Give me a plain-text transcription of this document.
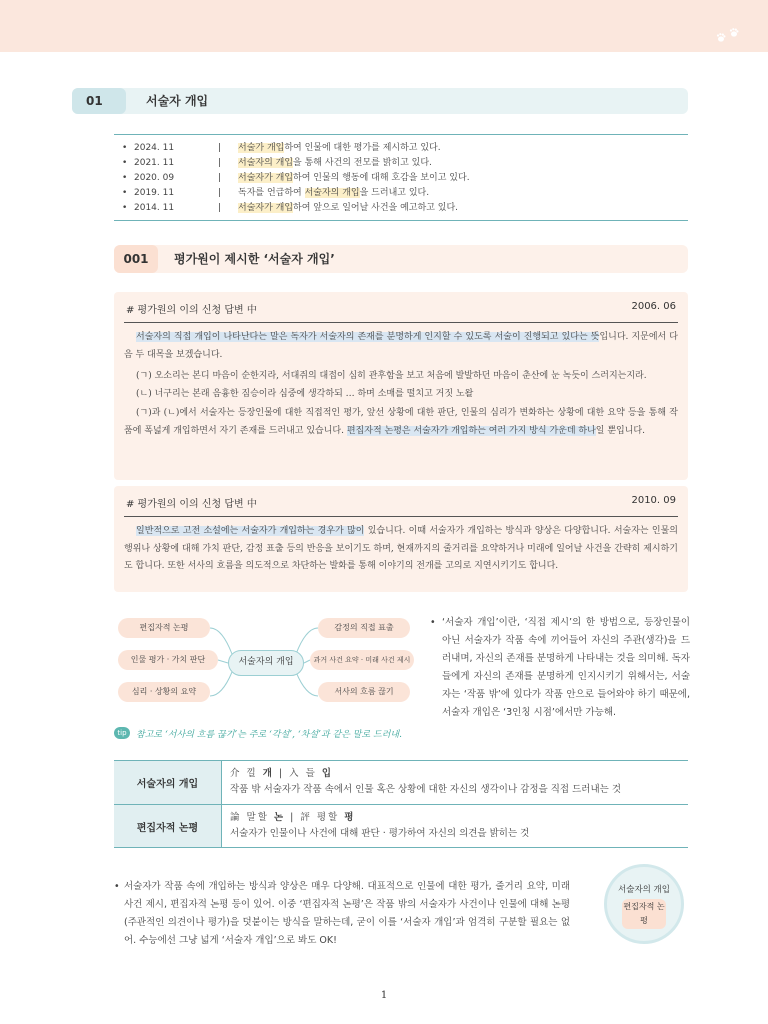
01	서술자 개입
• 2024. 11	|	서술가 개입하여 인물에 대한 평가를 제시하고 있다.
• 2021. 11	|	서술자의 개입을 통해 사건의 전모를 밝히고 있다.
• 2020. 09	|	서술자가 개입하여 인물의 행동에 대해 호감을 보이고 있다.
• 2019. 11	|	독자를 언급하여 서술자의 개입을 드러내고 있다.
• 2014. 11	|	서술자가 개입하여 앞으로 일어날 사건을 예고하고 있다.
001	평가원이 제시한 ‘서술자 개입’
# 평가원의 이의 신청 답변 中	2006. 06

서술자의 직접 개입이 나타난다는 말은 독자가 서술자의 존재를 분명하게 인지할 수 있도록 서술이 진행되고 있다는 뜻입니다. 지문에서 다음 두 대목을 보겠습니다.

(ㄱ) 오소리는 본디 마음이 순한지라, 서대쥐의 대접이 심히 관후함을 보고 처음에 발발하던 마음이 춘산에 눈 녹듯이 스러지는지라.

(ㄴ) 너구리는 본래 음흉한 짐승이라 심중에 생각하되 … 하며 소매를 떨치고 거짓 노왈

(ㄱ)과 (ㄴ)에서 서술자는 등장인물에 대한 직접적인 평가, 앞선 상황에 대한 판단, 인물의 심리가 변화하는 상황에 대한 요약 등을 통해 작품에 폭넓게 개입하면서 자기 존재를 드러내고 있습니다. 편집자적 논평은 서술자가 개입하는 여러 가지 방식 가운데 하나일 뿐입니다.

# 평가원의 이의 신청 답변 中	2010. 09

일반적으로 고전 소설에는 서술자가 개입하는 경우가 많이 있습니다. 이때 서술자가 개입하는 방식과 양상은 다양합니다. 서술자는 인물의 행위나 상황에 대해 가치 판단, 감정 표출 등의 반응을 보이기도 하며, 현재까지의 줄거리를 요약하거나 미래에 일어날 사건을 간략히 제시하기도 합니다. 또한 서사의 흐름을 의도적으로 차단하는 발화를 통해 이야기의 전개를 고의로 지연시키기도 합니다.

편집자적 논평
인물 평가 · 가치 판단
심리 · 상황의 요약
서술자의 개입
감정의 직접 표출
과거 사건 요약 · 미래 사건 제시
서사의 흐름 끊기
• ‘서술자 개입’이란, ‘직접 제시’의 한 방법으로, 등장인물이 아닌 서술자가 작품 속에 끼어들어 자신의 주관(생각)을 드러내며, 자신의 존재를 분명하게 나타내는 것을 의미해. 독자들에게 자신의 존재를 분명하게 인지시키기 위해서는, 서술자는 ‘작품 밖’에 있다가 작품 안으로 들어와야 하기 때문에, 서술자 개입은 ‘3인칭 시점’에서만 가능해.

tip	참고로 ‘서사의 흐름 끊기’는 주로 ‘각설’, ‘차설’과 같은 말로 드러내.
서술자의 개입
介 낄 개 | 入 들 입
작품 밖 서술자가 작품 속에서 인물 혹은 상황에 대한 자신의 생각이나 감정을 직접 드러내는 것
편집자적 논평
論 말할 논 | 評 평할 평
서술자가 인물이나 사건에 대해 판단 · 평가하여 자신의 의견을 밝히는 것
• 서술자가 작품 속에 개입하는 방식과 양상은 매우 다양해. 대표적으로 인물에 대한 평가, 줄거리 요약, 미래 사건 제시, 편집자적 논평 등이 있어. 이중 ‘편집자적 논평’은 작품 밖의 서술자가 사건이나 인물에 대해 논평(주관적인 의견이나 평가)을 덧붙이는 방식을 말하는데, 굳이 이를 ‘서술자 개입’과 엄격히 구분할 필요는 없어. 수능에선 그냥 넓게 ‘서술자 개입’으로 봐도 OK!

서술자의 개입
편집자적 논평
1
